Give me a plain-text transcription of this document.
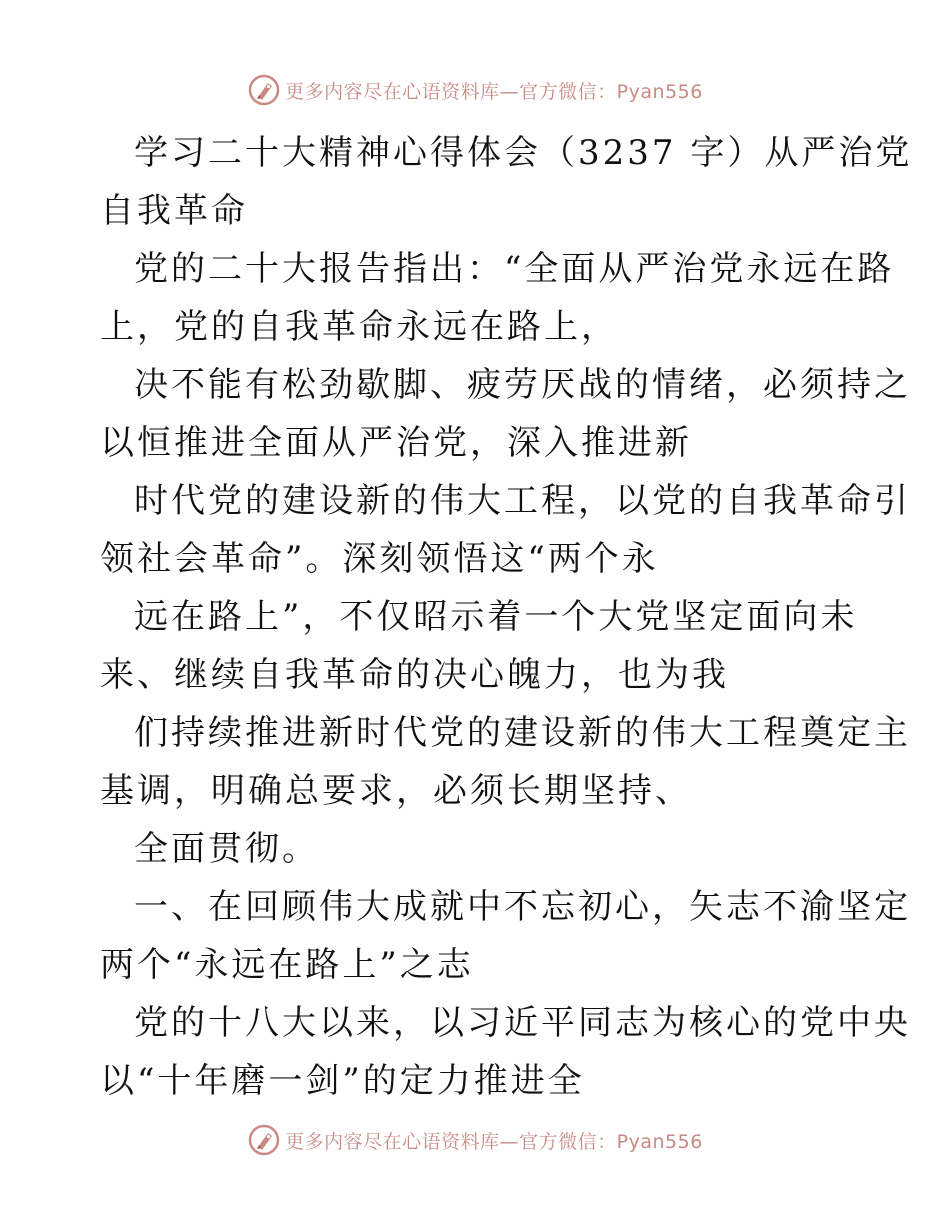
更多内容尽在心语资料库—官方微信：Pyan556
学习二十大精神心得体会（3237 字）从严治党
自我革命
党的二十大报告指出：“全面从严治党永远在路
上，党的自我革命永远在路上，
决不能有松劲歇脚、疲劳厌战的情绪，必须持之
以恒推进全面从严治党，深入推进新
时代党的建设新的伟大工程，以党的自我革命引
领社会革命”。深刻领悟这“两个永
远在路上”，不仅昭示着一个大党坚定面向未
来、继续自我革命的决心魄力，也为我
们持续推进新时代党的建设新的伟大工程奠定主
基调，明确总要求，必须长期坚持、
全面贯彻。
一、在回顾伟大成就中不忘初心，矢志不渝坚定
两个“永远在路上”之志
党的十八大以来，以习近平同志为核心的党中央
以“十年磨一剑”的定力推进全
更多内容尽在心语资料库—官方微信：Pyan556
